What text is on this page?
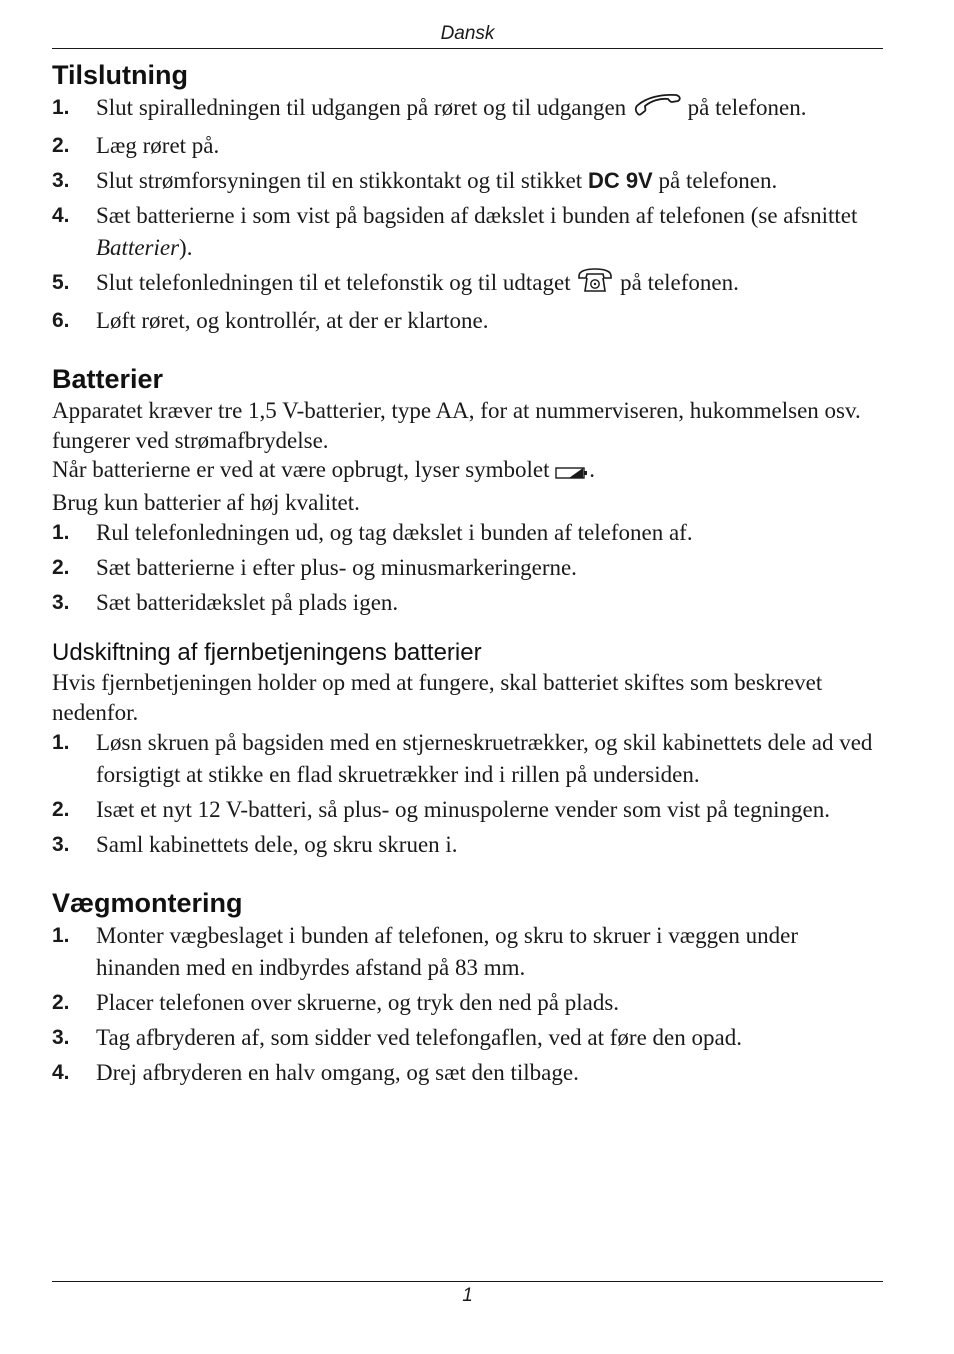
Dansk
Tilslutning
1. Slut spiralledningen til udgangen på røret og til udgangen  på telefonen.
2. Læg røret på.
3. Slut strømforsyningen til en stikkontakt og til stikket DC 9V på telefonen.
4. Sæt batterierne i som vist på bagsiden af dækslet i bunden af telefonen (se afsnittet Batterier).
5. Slut telefonledningen til et telefonstik og til udtaget  på telefonen.
6. Løft røret, og kontrollér, at der er klartone.
Batterier

Apparatet kræver tre 1,5 V-batterier, type AA, for at nummerviseren, hukommelsen osv. fungerer ved strømafbrydelse.

Når batterierne er ved at være opbrugt, lyser symbolet .

Brug kun batterier af høj kvalitet.

1. Rul telefonledningen ud, og tag dækslet i bunden af telefonen af.
2. Sæt batterierne i efter plus- og minusmarkeringerne.
3. Sæt batteridækslet på plads igen.
Udskiftning af fjernbetjeningens batterier

Hvis fjernbetjeningen holder op med at fungere, skal batteriet skiftes som beskrevet nedenfor.

1. Løsn skruen på bagsiden med en stjerneskruetrækker, og skil kabinettets dele ad ved forsigtigt at stikke en flad skruetrækker ind i rillen på undersiden.
2. Isæt et nyt 12 V-batteri, så plus- og minuspolerne vender som vist på tegningen.
3. Saml kabinettets dele, og skru skruen i.
Vægmontering
1. Monter vægbeslaget i bunden af telefonen, og skru to skruer i væggen under hinanden med en indbyrdes afstand på 83 mm.
2. Placer telefonen over skruerne, og tryk den ned på plads.
3. Tag afbryderen af, som sidder ved telefongaflen, ved at føre den opad.
4. Drej afbryderen en halv omgang, og sæt den tilbage.
1
